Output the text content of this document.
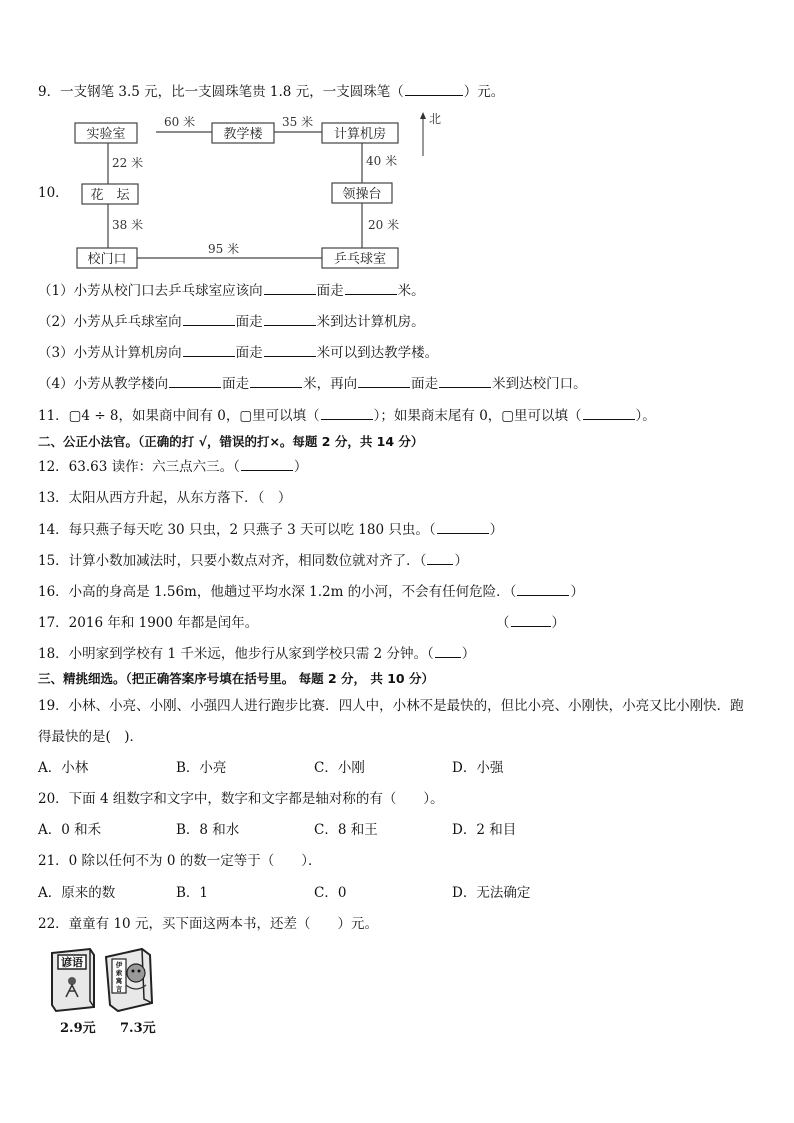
9．一支钢笔 3.5 元，比一支圆珠笔贵 1.8 元，一支圆珠笔（	）元。
10．
实验室	教学楼	计算机房
花　坛	领操台
校门口	乒乓球室
60 米	35 米
22 米	40 米
38 米	20 米
95 米
北
（1）小芳从校门口去乒乓球室应该向	面走	米。
（2）小芳从乒乓球室向	面走	米到达计算机房。
（3）小芳从计算机房向	面走	米可以到达教学楼。
（4）小芳从教学楼向	面走	米，再向	面走	米到达校门口。
11．▢4 ÷ 8，如果商中间有 0，▢里可以填（	）；如果商末尾有 0，▢里可以填（	）。
二、公正小法官。（正确的打 √，错误的打×。每题 2 分，共 14 分）
12．63.63 读作：六三点六三。（	）
13．太阳从西方升起，从东方落下．（　）
14．每只燕子每天吃 30 只虫，2 只燕子 3 天可以吃 180 只虫。（	）
15．计算小数加减法时，只要小数点对齐，相同数位就对齐了．（ ）
16．小高的身高是 1.56m，他趟过平均水深 1.2m 的小河，不会有任何危险．（	）
17．2016 年和 1900 年都是闰年。	（	）
18．小明家到学校有 1 千米远，他步行从家到学校只需 2 分钟。（ ）
三、精挑细选。（把正确答案序号填在括号里。 每题 2 分， 共 10 分）
19．小林、小亮、小刚、小强四人进行跑步比赛．四人中，小林不是最快的，但比小亮、小刚快，小亮又比小刚快．跑
得最快的是(　)．
A．小林	B．小亮	C．小刚	D．小强
20．下面 4 组数字和文字中，数字和文字都是轴对称的有（　　）。
A．0 和禾	B．8 和水	C．8 和王	D．2 和目
21．0 除以任何不为 0 的数一定等于（　　）．
A．原来的数	B．1	C．0	D．无法确定
22．童童有 10 元，买下面这两本书，还差（　　）元。
谚语	伊
索
寓
言
2.9元 7.3元
